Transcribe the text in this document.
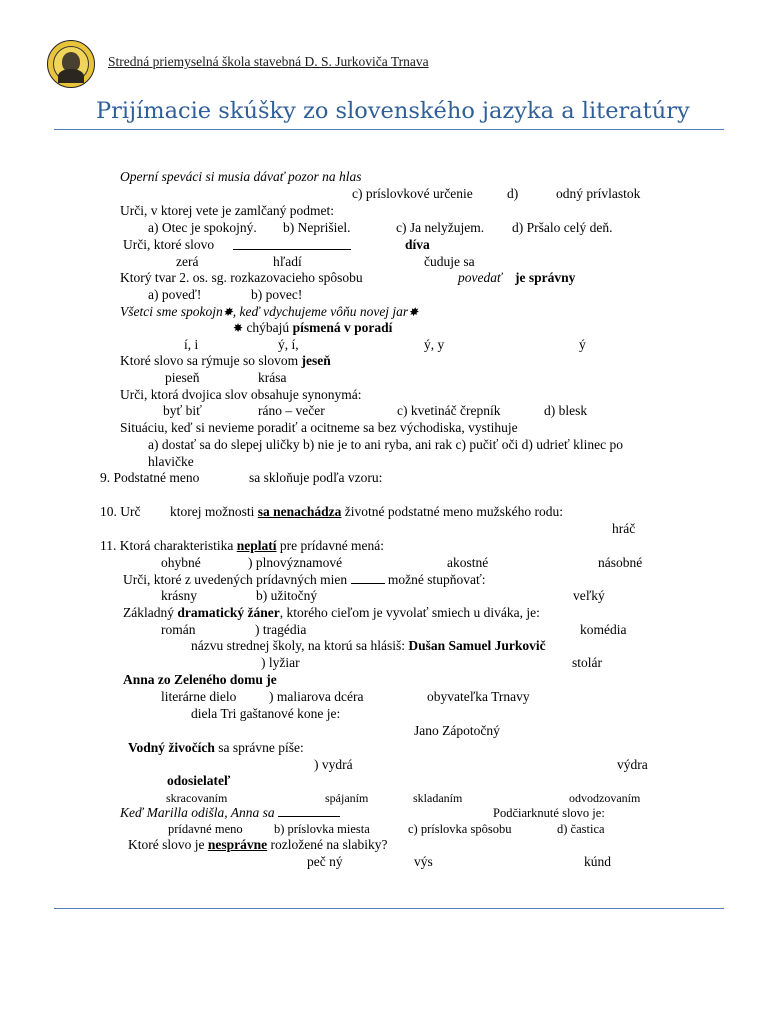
Stredná priemyselná škola stavebná D. S. Jurkoviča Trnava
Prijímacie skúšky zo slovenského jazyka a literatúry
Operní speváci si musia dávať pozor na hlas
c) príslovkové určenie	d)	odný prívlastok
Urči, v ktorej vete je zamlčaný podmet:
a) Otec je spokojný. b) Neprišiel.	c) Ja nelyžujem. d) Pršalo celý deň.
Urči, ktoré slovo	díva
zerá	hľadí	čuduje sa
Ktorý tvar 2. os. sg. rozkazovacieho spôsobu	povedať je správny
a) poveď!	b) povec!
Všetci sme spokojn✸, keď vdychujeme vôňu novej jar✸
✸ chýbajú písmená v poradí
í, i	ý, í,	ý, y	ý
Ktoré slovo sa rýmuje so slovom jeseň
pieseň	krása
Urči, ktorá dvojica slov obsahuje synonymá:
byť biť	ráno – večer	c) kvetináč črepník	d) blesk
Situáciu, keď si nevieme poradiť a ocitneme sa bez východiska, vystihuje
a) dostať sa do slepej uličky b) nie je to ani ryba, ani rak c) pučiť oči d) udrieť klinec po
hlavičke
9. Podstatné meno	sa skloňuje podľa vzoru:
10. Urč ktorej možnosti sa nenachádza životné podstatné meno mužského rodu:
hráč
11. Ktorá charakteristika neplatí pre prídavné mená:
ohybné	) plnovýznamové	akostné	násobné
Urči, ktoré z uvedených prídavných mien	možné stupňovať:
krásny	b) užitočný	veľký
Základný dramatický žáner, ktorého cieľom je vyvolať smiech u diváka, je:
román	) tragédia	komédia
názvu strednej školy, na ktorú sa hlásiš: Dušan Samuel Jurkovič
) lyžiar	stolár
Anna zo Zeleného domu je
literárne dielo ) maliarova dcéra	obyvateľka Trnavy
diela Tri gaštanové kone je:
Jano Zápotočný
Vodný živočích sa správne píše:
) vydrá	výdra
odosielateľ
skracovaním	spájaním	skladaním	odvodzovaním
Keď Marilla odišla, Anna sa	Podčiarknuté slovo je:
prídavné meno	b) príslovka miesta	c) príslovka spôsobu	d) častica
Ktoré slovo je nesprávne rozložené na slabiky?
peč ný	výs	kúnd
